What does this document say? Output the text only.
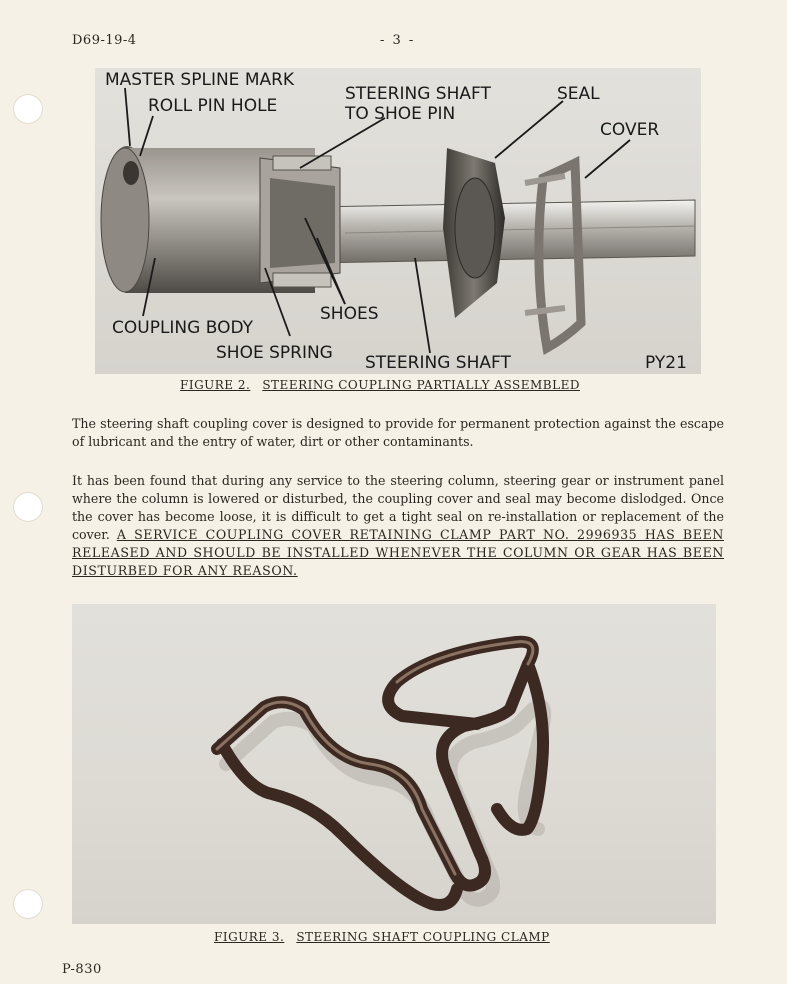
D69-19-4	- 3 -
MASTER SPLINE MARK
ROLL PIN HOLE
STEERING SHAFT
TO SHOE PIN
SEAL
COVER
SHOES
COUPLING BODY
SHOE SPRING STEERING SHAFT	PY21
FIGURE 2. STEERING COUPLING PARTIALLY ASSEMBLED
The steering shaft coupling cover is designed to provide for permanent protection against the escape of lubricant and the entry of water, dirt or other contaminants.
It has been found that during any service to the steering column, steering gear or instrument panel where the column is lowered or disturbed, the coupling cover and seal may become dislodged. Once the cover has become loose, it is difficult to get a tight seal on re-installation or replacement of the cover. A SERVICE COUPLING COVER RETAINING CLAMP PART NO. 2996935 HAS BEEN RELEASED AND SHOULD BE INSTALLED WHENEVER THE COLUMN OR GEAR HAS BEEN DISTURBED FOR ANY REASON.
FIGURE 3. STEERING SHAFT COUPLING CLAMP
P-830
